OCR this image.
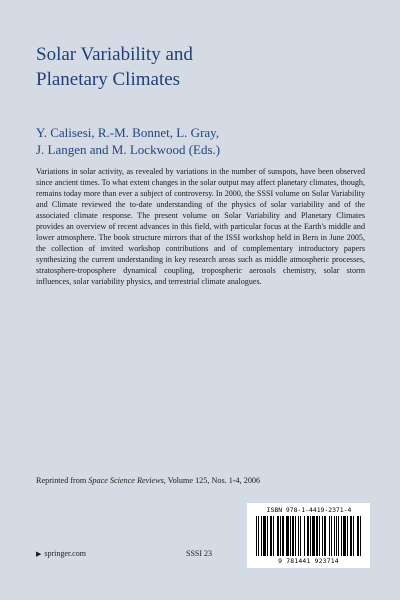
Solar Variability and
Planetary Climates
Y. Calisesi, R.-M. Bonnet, L. Gray,
J. Langen and M. Lockwood (Eds.)

Variations in solar activity, as revealed by variations in the number of sunspots, have been observed since ancient times. To what extent changes in the solar output may affect planetary climates, though, remains today more than ever a subject of controversy. In 2000, the SSSI volume on Solar Variability and Climate reviewed the to-date understanding of the physics of solar variability and of the associated climate response. The present volume on Solar Variability and Planetary Climates provides an overview of recent advances in this field, with particular focus at the Earth's middle and lower atmosphere. The book structure mirrors that of the ISSI workshop held in Bern in June 2005, the collection of invited workshop contributions and of complementary introductory papers synthesizing the current understanding in key research areas such as middle atmospheric processes, stratosphere-troposphere dynamical coupling, tropospheric aerosols chemistry, solar storm influences, solar variability physics, and terrestrial climate analogues.

Reprinted from Space Science Reviews, Volume 125, Nos. 1-4, 2006
ISBN 978-1-4419-2371-4
9 781441 923714
▶ springer.com	SSSI 23
